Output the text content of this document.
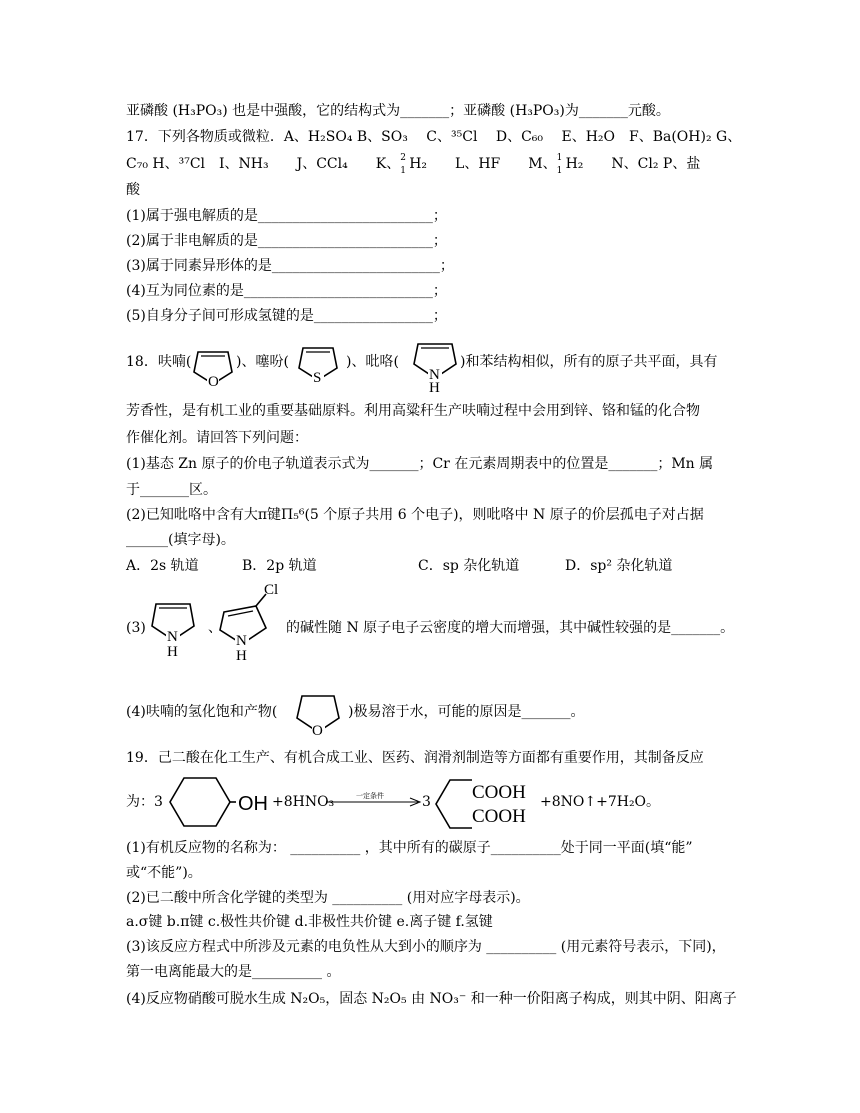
亚磷酸 (H₃PO₃) 也是中强酸，它的结构式为_______；亚磷酸 (H₃PO₃)为_______元酸。
17．下列各物质或微粒．A、H₂SO₄ B、SO₃　 C、³⁵Cl　 D、C₆₀　 E、H₂O　F、Ba(OH)₂ G、
C₇₀ H、³⁷Cl　I、NH₃　　J、CCl₄　　K、 2
1 H₂　　L、HF　　M、 1
1 H₂　　N、Cl₂ P、盐
酸
(1)属于强电解质的是_________________________；
(2)属于非电解质的是_________________________；
(3)属于同素异形体的是________________________；
(4)互为同位素的是___________________________；
(5)自身分子间可形成氢键的是_________________；
18．呋喃(
O
)、噻吩(
S
)、吡咯(
N
H
)和苯结构相似，所有的原子共平面，具有
芳香性，是有机工业的重要基础原料。利用高粱秆生产呋喃过程中会用到锌、铬和锰的化合物
作催化剂。请回答下列问题：
(1)基态 Zn 原子的价电子轨道表示式为_______；Cr 在元素周期表中的位置是_______；Mn 属
于_______区。
(2)已知吡咯中含有大π键Π₅⁶(5 个原子共用 6 个电子)，则吡咯中 N 原子的价层孤电子对占据
______(填字母)。
A．2s 轨道	B．2p 轨道	C．sp 杂化轨道	D．sp² 杂化轨道
(3)
N
H
、
Cl
N
H
的碱性随 N 原子电子云密度的增大而增强，其中碱性较强的是_______。
(4)呋喃的氢化饱和产物(
O
)极易溶于水，可能的原因是_______。
19．己二酸在化工生产、有机合成工业、医药、润滑剂制造等方面都有重要作用，其制备反应
为：3	OH +8HNO₃	一定条件	3 COOH
COOH
+8NO↑+7H₂O。
(1)有机反应物的名称为： __________ ，其中所有的碳原子__________处于同一平面(填“能”
或“不能”)。
(2)已二酸中所含化学键的类型为 __________ (用对应字母表示)。
a.σ键 b.π键 c.极性共价键 d.非极性共价键 e.离子键 f.氢键
(3)该反应方程式中所涉及元素的电负性从大到小的顺序为 __________ (用元素符号表示，下同)，
第一电离能最大的是__________ 。
(4)反应物硝酸可脱水生成 N₂O₅，固态 N₂O₅ 由 NO₃⁻ 和一种一价阳离子构成，则其中阴、阳离子
